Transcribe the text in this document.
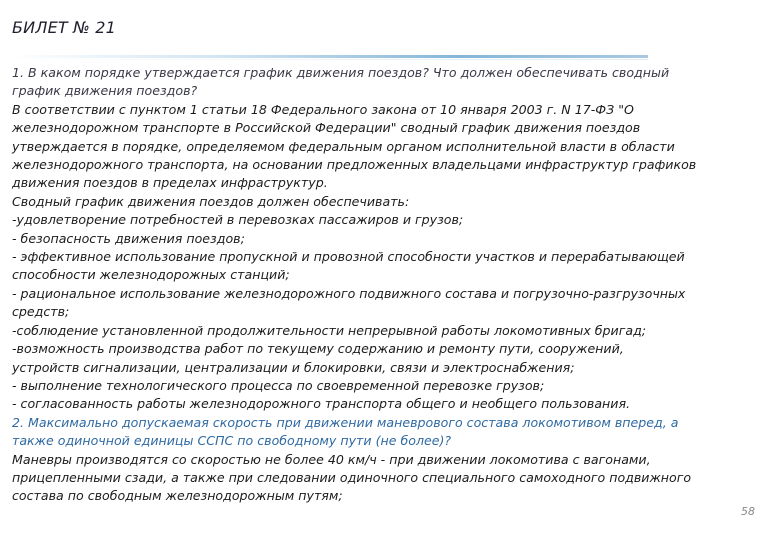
БИЛЕТ № 21

1. В каком порядке утверждается график движения поездов? Что должен обеспечивать сводный

график движения поездов?

В соответствии с пунктом 1 статьи 18 Федерального закона от 10 января 2003 г. N 17-ФЗ "О

железнодорожном транспорте в Российской Федерации" сводный график движения поездов

утверждается в порядке, определяемом федеральным органом исполнительной власти в области

железнодорожного транспорта, на основании предложенных владельцами инфраструктур графиков

движения поездов в пределах инфраструктур.

Сводный график движения поездов должен обеспечивать:

-удовлетворение потребностей в перевозках пассажиров и грузов;

- безопасность движения поездов;

- эффективное использование пропускной и провозной способности участков и перерабатывающей

способности железнодорожных станций;

- рациональное использование железнодорожного подвижного состава и погрузочно-разгрузочных

средств;

-соблюдение установленной продолжительности непрерывной работы локомотивных бригад;

-возможность производства работ по текущему содержанию и ремонту пути, сооружений,

устройств сигнализации, централизации и блокировки, связи и электроснабжения;

- выполнение технологического процесса по своевременной перевозке грузов;

- согласованность работы железнодорожного транспорта общего и необщего пользования.

2. Максимально допускаемая скорость при движении маневрового состава локомотивом вперед, а

также одиночной единицы ССПС по свободному пути (не более)?

Маневры производятся со скоростью не более 40 км/ч - при движении локомотива с вагонами,

прицепленными сзади, а также при следовании одиночного специального самоходного подвижного

состава по свободным железнодорожным путям;

58
